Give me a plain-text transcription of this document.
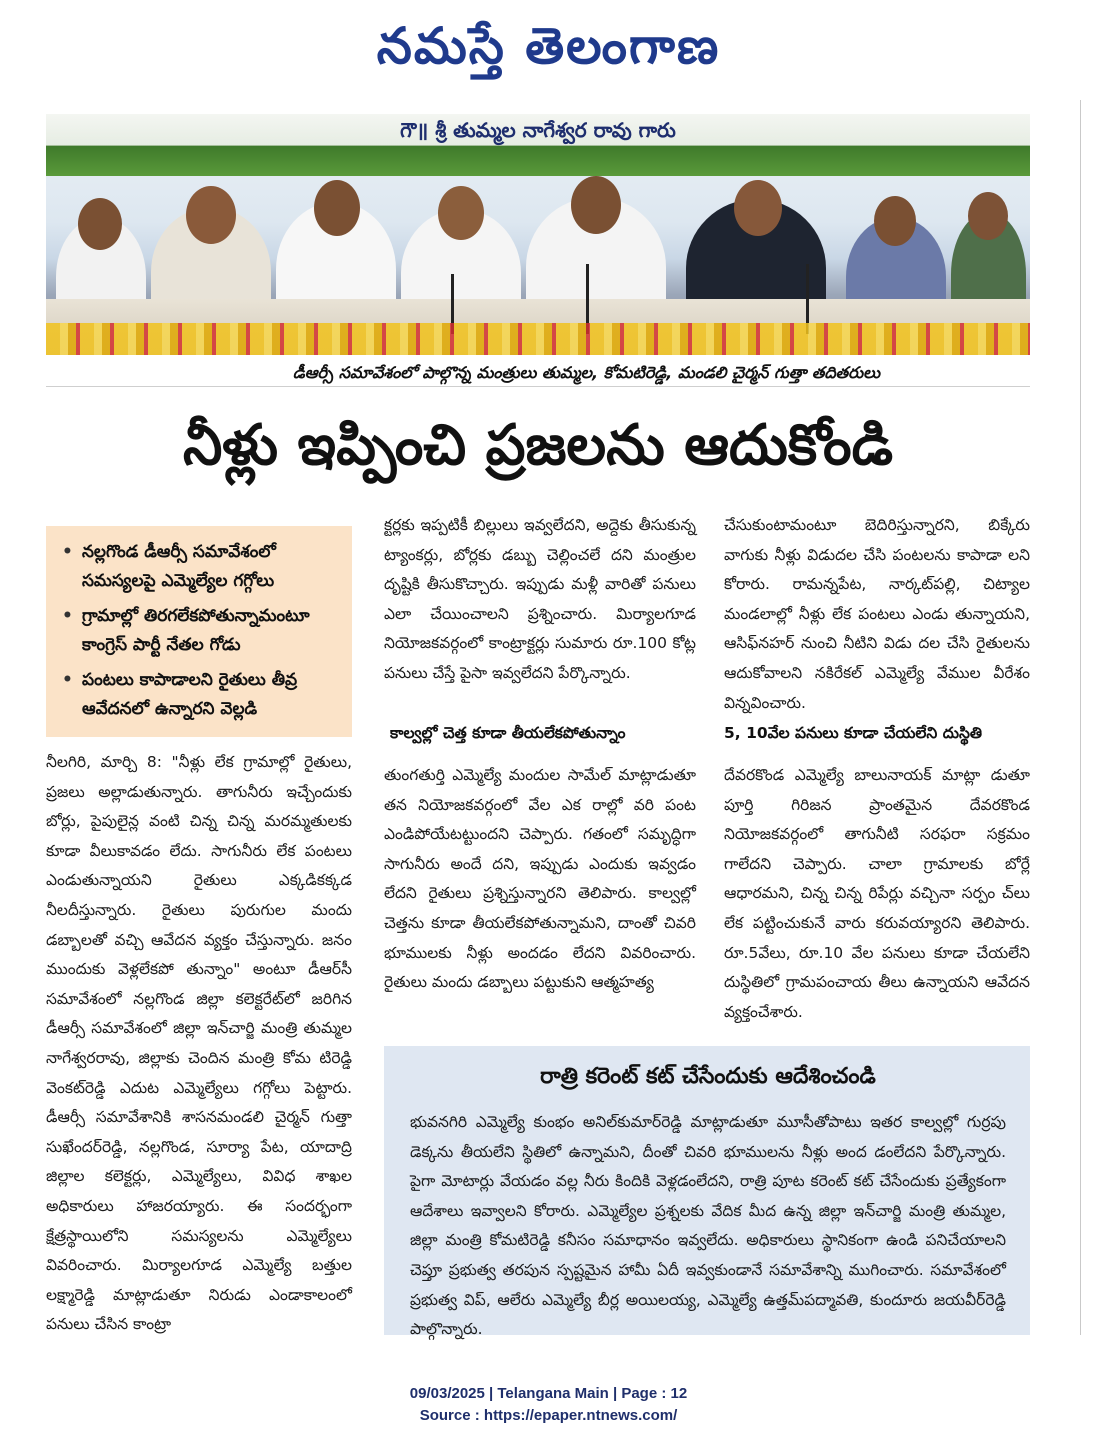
నమస్తే తెలంగాణ
గౌ॥ శ్రీ తుమ్మల నాగేశ్వర రావు గారు
డీఆర్సీ సమావేశంలో పాల్గొన్న మంత్రులు తుమ్మల, కోమటిరెడ్డి, మండలి చైర్మన్ గుత్తా తదితరులు
నీళ్లు ఇప్పించి ప్రజలను ఆదుకోండి
• నల్లగొండ డీఆర్సీ సమావేశంలో సమస్యలపై ఎమ్మెల్యేల గగ్గోలు
• గ్రామాల్లో తిరగలేకపోతున్నామంటూ కాంగ్రెస్ పార్టీ నేతల గోడు
• పంటలు కాపాడాలని రైతులు తీవ్ర ఆవేదనలో ఉన్నారని వెల్లడి

నీలగిరి, మార్చి 8: "నీళ్లు లేక గ్రామాల్లో రైతులు, ప్రజలు అల్లాడుతున్నారు. తాగునీరు ఇచ్చేందుకు బోర్లు, పైపులైన్ల వంటి చిన్న చిన్న మరమ్మతులకు కూడా వీలుకావడం లేదు. సాగునీరు లేక పంటలు ఎండుతున్నాయని రైతులు ఎక్కడికక్కడ నీలదీస్తున్నారు. రైతులు పురుగుల మందు డబ్బాలతో వచ్చి ఆవేదన వ్యక్తం చేస్తున్నారు. జనం ముందుకు వెళ్లలేకపో తున్నాం" అంటూ డీఆర్‌సీ సమావేశంలో నల్లగొండ జిల్లా కలెక్టరేట్‌లో జరిగిన డీఆర్సీ సమావేశంలో జిల్లా ఇన్‌చార్జి మంత్రి తుమ్మల నాగేశ్వరరావు, జిల్లాకు చెందిన మంత్రి కోమ టిరెడ్డి వెంకట్‌రెడ్డి ఎదుట ఎమ్మెల్యేలు గగ్గోలు పెట్టారు. డీఆర్సీ సమావేశానికి శాసనమండలి చైర్మన్ గుత్తా సుఖేందర్‌రెడ్డి, నల్లగొండ, సూర్యా పేట, యాదాద్రి జిల్లాల కలెక్టర్లు, ఎమ్మెల్యేలు, వివిధ శాఖల అధికారులు హాజరయ్యారు. ఈ సందర్భంగా క్షేత్రస్థాయిలోని సమస్యలను ఎమ్మెల్యేలు వివరించారు. మిర్యాలగూడ ఎమ్మెల్యే బత్తుల లక్ష్మారెడ్డి మాట్లాడుతూ నిరుడు ఎండాకాలంలో పనులు చేసిన కాంట్రా

క్టర్లకు ఇప్పటికీ బిల్లులు ఇవ్వలేదని, అద్దెకు తీసుకున్న ట్యాంకర్లు, బోర్లకు డబ్బు చెల్లించలే దని మంత్రుల దృష్టికి తీసుకొచ్చారు. ఇప్పుడు మళ్లీ వారితో పనులు ఎలా చేయించాలని ప్రశ్నించారు. మిర్యాలగూడ నియోజకవర్గంలో కాంట్రాక్టర్లు సుమారు రూ.100 కోట్ల పనులు చేస్తే పైసా ఇవ్వలేదని పేర్కొన్నారు.

కాల్వల్లో చెత్త కూడా తీయలేకపోతున్నాం

తుంగతుర్తి ఎమ్మెల్యే మందుల సామేల్ మాట్లాడుతూ తన నియోజకవర్గంలో వేల ఎక రాల్లో వరి పంట ఎండిపోయేటట్టుందని చెప్పారు. గతంలో సమృద్ధిగా సాగునీరు అందే దని, ఇప్పుడు ఎందుకు ఇవ్వడం లేదని రైతులు ప్రశ్నిస్తున్నారని తెలిపారు. కాల్వల్లో చెత్తను కూడా తీయలేకపోతున్నామని, దాంతో చివరి భూములకు నీళ్లు అందడం లేదని వివరించారు. రైతులు మందు డబ్బాలు పట్టుకుని ఆత్మహత్య

చేసుకుంటామంటూ బెదిరిస్తున్నారని, బిక్కేరు వాగుకు నీళ్లు విడుదల చేసి పంటలను కాపాడా లని కోరారు. రామన్నపేట, నార్కట్‌పల్లి, చిట్యాల మండలాల్లో నీళ్లు లేక పంటలు ఎండు తున్నాయని, ఆసిఫ్‌నహర్ నుంచి నీటిని విడు దల చేసి రైతులను ఆదుకోవాలని నకిరేకల్ ఎమ్మెల్యే వేముల వీరేశం విన్నవించారు.

5, 10వేల పనులు కూడా చేయలేని దుస్థితి

దేవరకొండ ఎమ్మెల్యే బాలునాయక్ మాట్లా డుతూ పూర్తి గిరిజన ప్రాంతమైన దేవరకొండ నియోజకవర్గంలో తాగునీటి సరఫరా సక్రమం గాలేదని చెప్పారు. చాలా గ్రామాలకు బోర్లే ఆధారమని, చిన్న చిన్న రిపేర్లు వచ్చినా సర్పం చ్‌లు లేక పట్టించుకునే వారు కరువయ్యారని తెలిపారు. రూ.5వేలు, రూ.10 వేల పనులు కూడా చేయలేని దుస్థితిలో గ్రామపంచాయ తీలు ఉన్నాయని ఆవేదన వ్యక్తంచేశారు.

రాత్రి కరెంట్ కట్ చేసేందుకు ఆదేశించండి
భువనగిరి ఎమ్మెల్యే కుంభం అనిల్‌కుమార్‌రెడ్డి మాట్లాడుతూ మూసీతోపాటు ఇతర కాల్వల్లో గుర్రపు డెక్కను తీయలేని స్థితిలో ఉన్నామని, దీంతో చివరి భూములను నీళ్లు అంద డంలేదని పేర్కొన్నారు. పైగా మోటార్లు వేయడం వల్ల నీరు కిందికి వెళ్లడంలేదని, రాత్రి పూట కరెంట్ కట్ చేసేందుకు ప్రత్యేకంగా ఆదేశాలు ఇవ్వాలని కోరారు. ఎమ్మెల్యేల ప్రశ్నలకు వేదిక మీద ఉన్న జిల్లా ఇన్‌చార్జి మంత్రి తుమ్మల, జిల్లా మంత్రి కోమటిరెడ్డి కనీసం సమాధానం ఇవ్వలేదు. అధికారులు స్థానికంగా ఉండి పనిచేయాలని చెప్తూ ప్రభుత్వ తరపున స్పష్టమైన హామీ ఏదీ ఇవ్వకుండానే సమావేశాన్ని ముగించారు. సమావేశంలో ప్రభుత్వ విప్, ఆలేరు ఎమ్మెల్యే బీర్ల అయిలయ్య, ఎమ్మెల్యే ఉత్తమ్‌పద్మావతి, కుందూరు జయవీర్‌రెడ్డి పాల్గొన్నారు.
09/03/2025 | Telangana Main | Page : 12
Source : https://epaper.ntnews.com/
